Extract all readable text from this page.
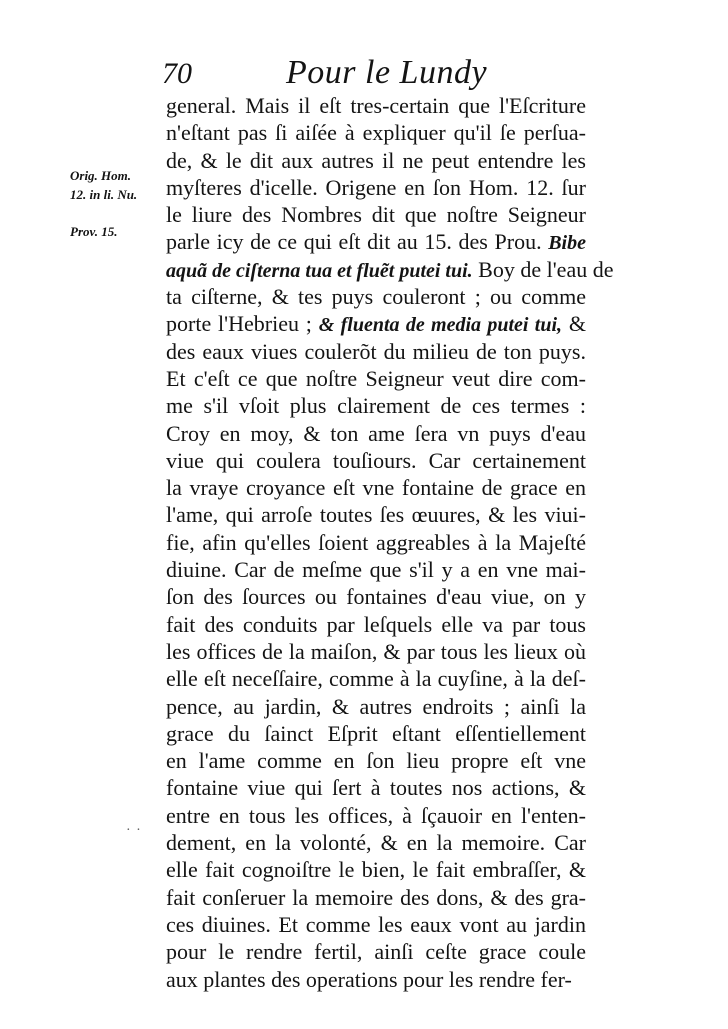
70	Pour le Lundy
Orig. Hom.
12. in li. Nu.
Prov. 15.
general. Mais il eſt tres-certain que l'Eſcriture
n'eſtant pas ſi aiſée à expliquer qu'il ſe perſua-
de, & le dit aux autres il ne peut entendre les
myſteres d'icelle. Origene en ſon Hom. 12. ſur
le liure des Nombres dit que noſtre Seigneur
parle icy de ce qui eſt dit au 15. des Prou. Bibe
aquã de ciſterna tua et fluẽt putei tui. Boy de l'eau de
ta ciſterne, & tes puys couleront ; ou comme
porte l'Hebrieu ; & fluenta de media putei tui, &
des eaux viues coulerõt du milieu de ton puys.
Et c'eſt ce que noſtre Seigneur veut dire com-
me s'il vſoit plus clairement de ces termes :
Croy en moy, & ton ame ſera vn puys d'eau
viue qui coulera touſiours. Car certainement
la vraye croyance eſt vne fontaine de grace en
l'ame, qui arroſe toutes ſes œuures, & les viui-
fie, afin qu'elles ſoient aggreables à la Majeſté
diuine. Car de meſme que s'il y a en vne mai-
ſon des ſources ou fontaines d'eau viue, on y
fait des conduits par leſquels elle va par tous
les offices de la maiſon, & par tous les lieux où
elle eſt neceſſaire, comme à la cuyſine, à la deſ-
pence, au jardin, & autres endroits ; ainſi la
grace du ſainct Eſprit eſtant eſſentiellement
en l'ame comme en ſon lieu propre eſt vne
fontaine viue qui ſert à toutes nos actions, &
entre en tous les offices, à ſçauoir en l'enten-
dement, en la volonté, & en la memoire. Car
elle fait cognoiſtre le bien, le fait embraſſer, &
fait conſeruer la memoire des dons, & des gra-
ces diuines. Et comme les eaux vont au jardin
pour le rendre fertil, ainſi ceſte grace coule
aux plantes des operations pour les rendre fer-
· ·
